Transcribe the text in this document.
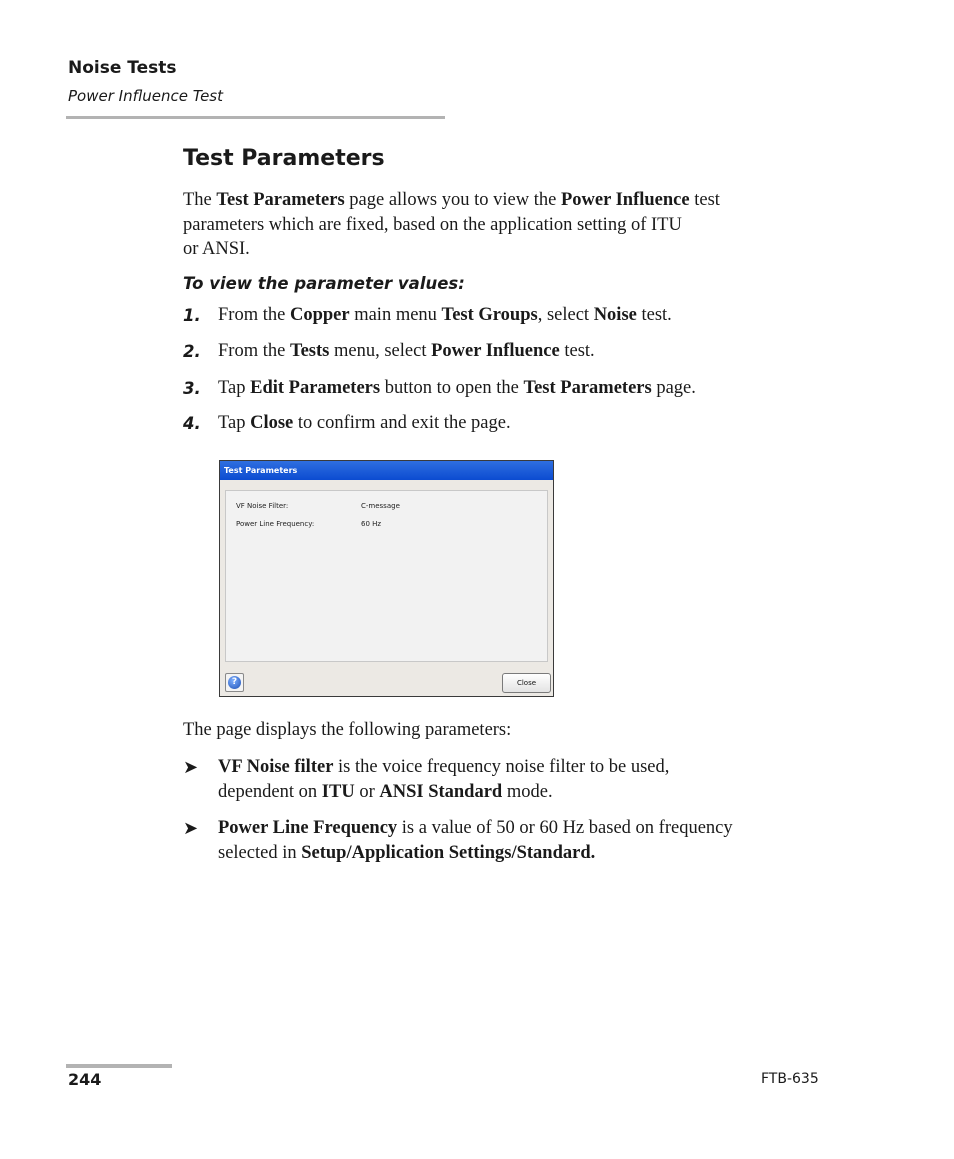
Noise Tests
Power Influence Test
Test Parameters
The Test Parameters page allows you to view the Power Influence test
parameters which are fixed, based on the application setting of ITU
or ANSI.
To view the parameter values:
1. From the Copper main menu Test Groups, select Noise test.
2. From the Tests menu, select Power Influence test.
3. Tap Edit Parameters button to open the Test Parameters page.
4. Tap Close to confirm and exit the page.
Test Parameters
VF Noise Filter:	C-message
Power Line Frequency:	60 Hz
?	Close
The page displays the following parameters:
➤ VF Noise filter is the voice frequency noise filter to be used,
dependent on ITU or ANSI Standard mode.
➤ Power Line Frequency is a value of 50 or 60 Hz based on frequency
selected in Setup/Application Settings/Standard.
244	FTB-635
